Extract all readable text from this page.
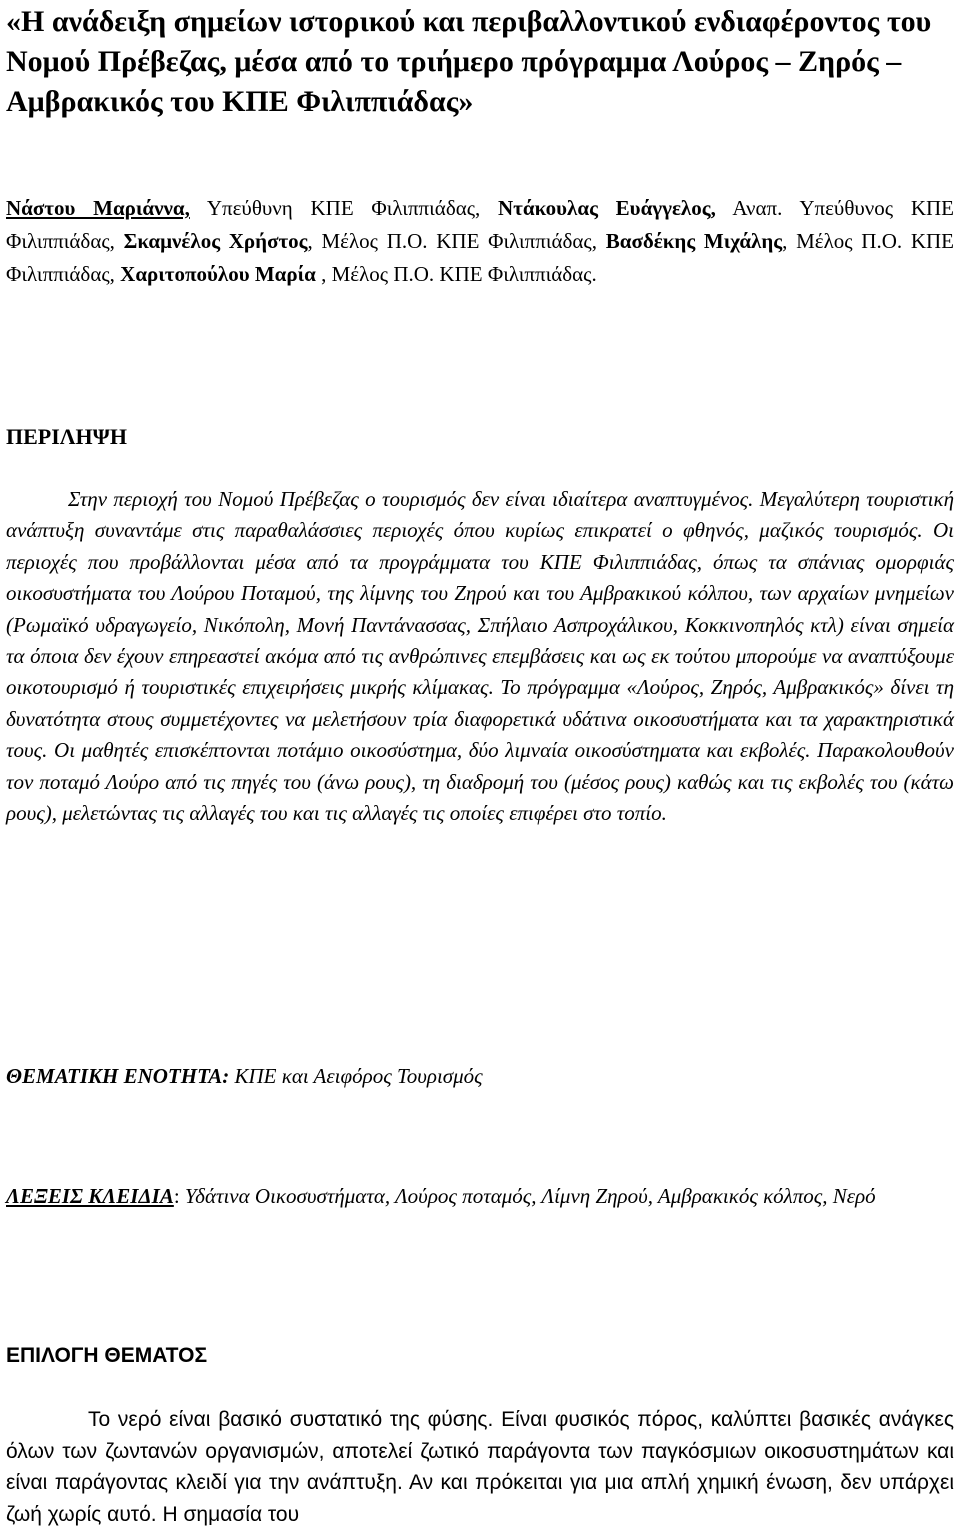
«Η ανάδειξη σημείων ιστορικού και περιβαλλοντικού ενδιαφέροντος του Νομού Πρέβεζας, μέσα από το τριήμερο πρόγραμμα Λούρος – Ζηρός – Αμβρακικός του ΚΠΕ Φιλιππιάδας»

Νάστου Μαριάννα, Υπεύθυνη ΚΠΕ Φιλιππιάδας, Ντάκουλας Ευάγγελος, Αναπ. Υπεύθυνος ΚΠΕ Φιλιππιάδας, Σκαμνέλος Χρήστος, Μέλος Π.Ο. ΚΠΕ Φιλιππιάδας, Βασδέκης Μιχάλης, Μέλος Π.Ο. ΚΠΕ Φιλιππιάδας, Χαριτοπούλου Μαρία , Μέλος Π.Ο. ΚΠΕ Φιλιππιάδας.

ΠΕΡΙΛΗΨΗ

Στην περιοχή του Νομού Πρέβεζας ο τουρισμός δεν είναι ιδιαίτερα αναπτυγμένος. Μεγαλύτερη τουριστική ανάπτυξη συναντάμε στις παραθαλάσσιες περιοχές όπου κυρίως επικρατεί ο φθηνός, μαζικός τουρισμός. Οι περιοχές που προβάλλονται μέσα από τα προγράμματα του ΚΠΕ Φιλιππιάδας, όπως τα σπάνιας ομορφιάς οικοσυστήματα του Λούρου Ποταμού, της λίμνης του Ζηρού και του Αμβρακικού κόλπου, των αρχαίων μνημείων (Ρωμαϊκό υδραγωγείο, Νικόπολη, Μονή Παντάνασσας, Σπήλαιο Ασπροχάλικου, Κοκκινοπηλός κτλ) είναι σημεία τα όποια δεν έχουν επηρεαστεί ακόμα από τις ανθρώπινες επεμβάσεις και ως εκ τούτου μπορούμε να αναπτύξουμε οικοτουρισμό ή τουριστικές επιχειρήσεις μικρής κλίμακας. Το πρόγραμμα «Λούρος, Ζηρός, Αμβρακικός» δίνει τη δυνατότητα στους συμμετέχοντες να μελετήσουν τρία διαφορετικά υδάτινα οικοσυστήματα και τα χαρακτηριστικά τους. Οι μαθητές επισκέπτονται ποτάμιο οικοσύστημα, δύο λιμναία οικοσύστηματα και εκβολές. Παρακολουθούν τον ποταμό Λούρο από τις πηγές του (άνω ρους), τη διαδρομή του (μέσος ρους) καθώς και τις εκβολές του (κάτω ρους), μελετώντας τις αλλαγές του και τις αλλαγές τις οποίες επιφέρει στο τοπίο.

ΘΕΜΑΤΙΚΗ ΕΝΟΤΗΤΑ: ΚΠΕ και Αειφόρος Τουρισμός

ΛΕΞΕΙΣ ΚΛΕΙΔΙΑ: Υδάτινα Οικοσυστήματα, Λούρος ποταμός, Λίμνη Ζηρού, Αμβρακικός κόλπος, Νερό

ΕΠΙΛΟΓΗ ΘΕΜΑΤΟΣ

Το νερό είναι βασικό συστατικό της φύσης. Είναι φυσικός πόρος, καλύπτει βασικές ανάγκες όλων των ζωντανών οργανισμών, αποτελεί ζωτικό παράγοντα των παγκόσμιων οικοσυστημάτων και είναι παράγοντας κλειδί για την ανάπτυξη. Αν και πρόκειται για μια απλή χημική ένωση, δεν υπάρχει ζωή χωρίς αυτό. Η σημασία του
